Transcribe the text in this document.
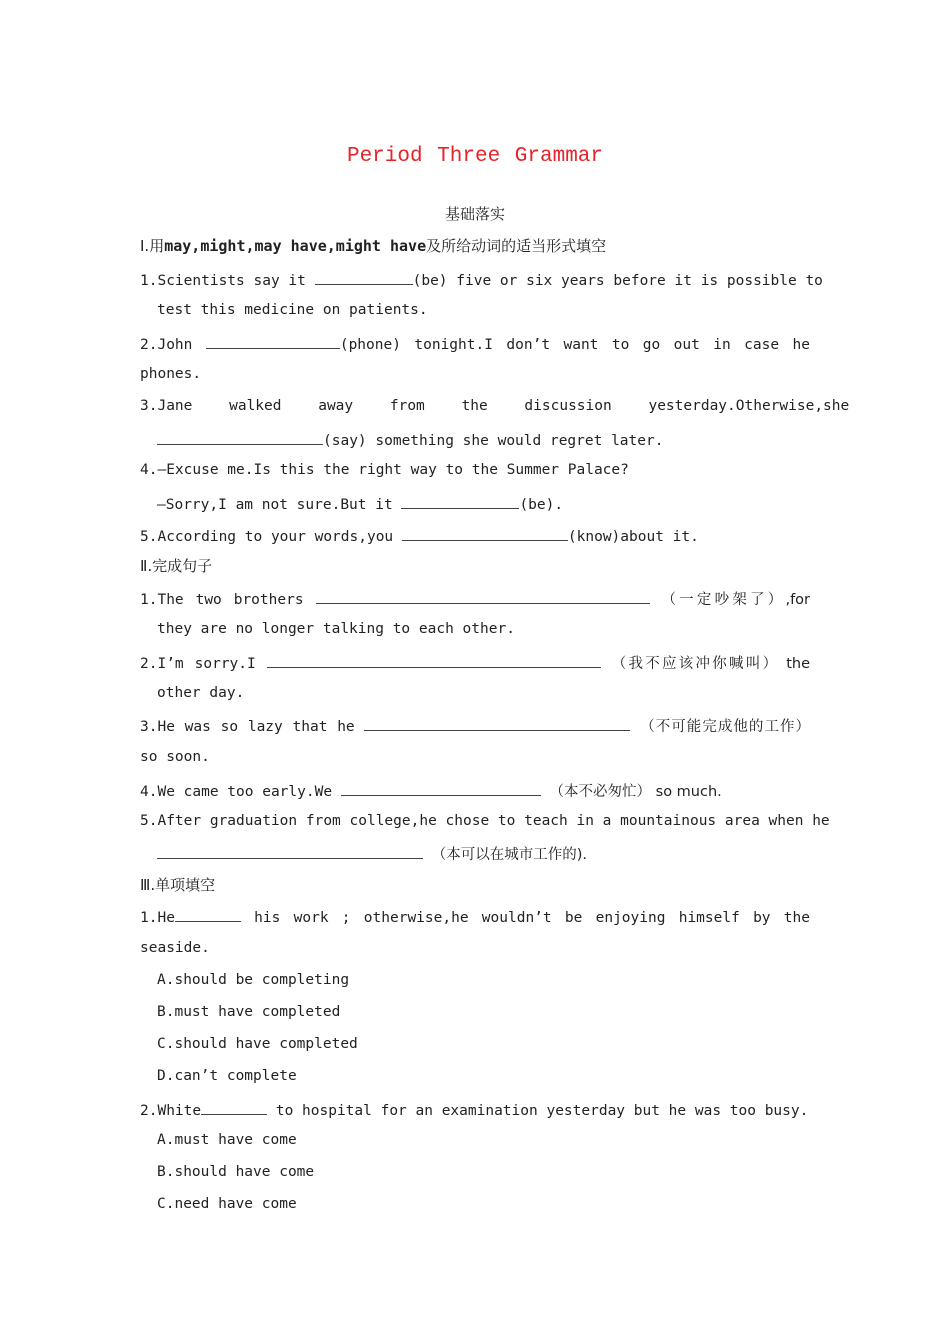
Period Three Grammar
基础落实
Ⅰ.用may,might,may have,might have及所给动词的适当形式填空
1.Scientists say it	(be) five or six years before it is possible to
test this medicine on patients.
2.John	(phone) tonight.I don’t want to go out in case he
phones.
3.Jane walked away from the discussion yesterday.Otherwise,she
(say) something she would regret later.
4.—Excuse me.Is this the right way to the Summer Palace?
—Sorry,I am not sure.But it	(be).
5.According to your words,you	(know)about it.
Ⅱ.完成句子
1.The two brothers	（一定吵架了）,for
they are no longer talking to each other.
2.I’m sorry.I	（我不应该冲你喊叫） the
other day.
3.He was so lazy that he	（不可能完成他的工作）
so soon.
4.We came too early.We	（本不必匆忙） so much.
5.After graduation from college,he chose to teach in a mountainous area when he
（本可以在城市工作的).
Ⅲ.单项填空
1.He	his work ; otherwise,he wouldn’t be enjoying himself by the
seaside.
A.should be completing
B.must have completed
C.should have completed
D.can’t complete
2.White	to hospital for an examination yesterday but he was too busy.
A.must have come
B.should have come
C.need have come
